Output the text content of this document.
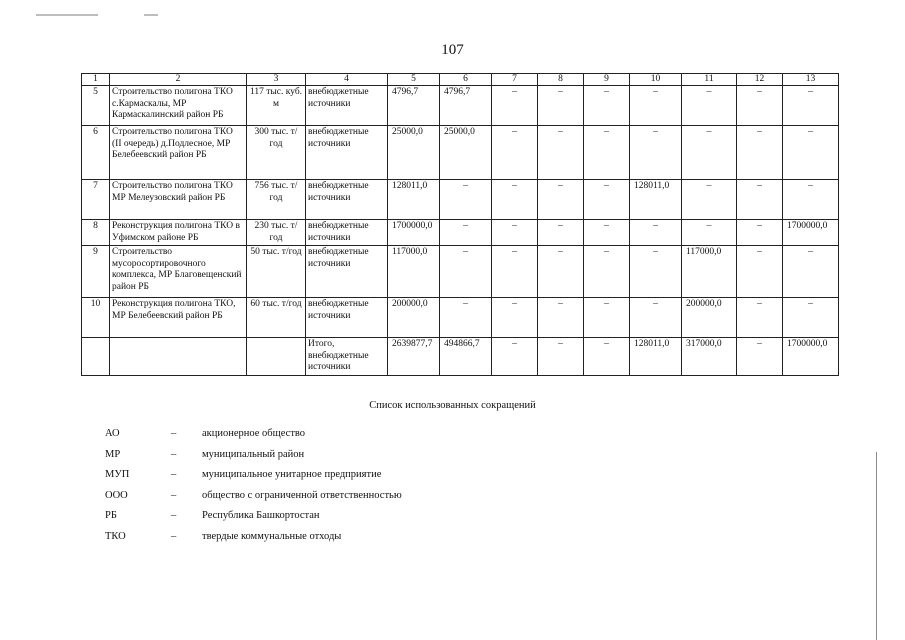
107
1	2	3	4	5	6	7	8	9	10	11	12	13
5	Строительство полигона ТКО с.Кармаскалы, МР Кармаскалинский район РБ	117 тыс. куб. м	внебюджетные источники	4796,7	4796,7	–	–	–	–	–	–	–
6	Строительство полигона ТКО (II очередь) д.Подлесное, МР Белебеевский район РБ	300 тыс. т/год	внебюджетные источники	25000,0	25000,0	–	–	–	–	–	–	–
7	Строительство полигона ТКО МР Мелеузовский район РБ	756 тыс. т/год	внебюджетные источники	128011,0	–	–	–	–	128011,0	–	–	–
8	Реконструкция полигона ТКО в Уфимском районе РБ	230 тыс. т/год	внебюджетные источники	1700000,0	–	–	–	–	–	–	–	1700000,0
9	Строительство мусоросортировочного комплекса, МР Благовещенский район РБ	50 тыс. т/год	внебюджетные источники	117000,0	–	–	–	–	–	117000,0	–	–
10	Реконструкция полигона ТКО, МР Белебеевский район РБ	60 тыс. т/год	внебюджетные источники	200000,0	–	–	–	–	–	200000,0	–	–
			Итого, внебюджетные источники	2639877,7	494866,7	–	–	–	128011,0	317000,0	–	1700000,0
Список использованных сокращений
АО	– акционерное общество
МР	– муниципальный район
МУП	– муниципальное унитарное предприятие
ООО	– общество с ограниченной ответственностью
РБ	– Республика Башкортостан
ТКО	– твердые коммунальные отходы
